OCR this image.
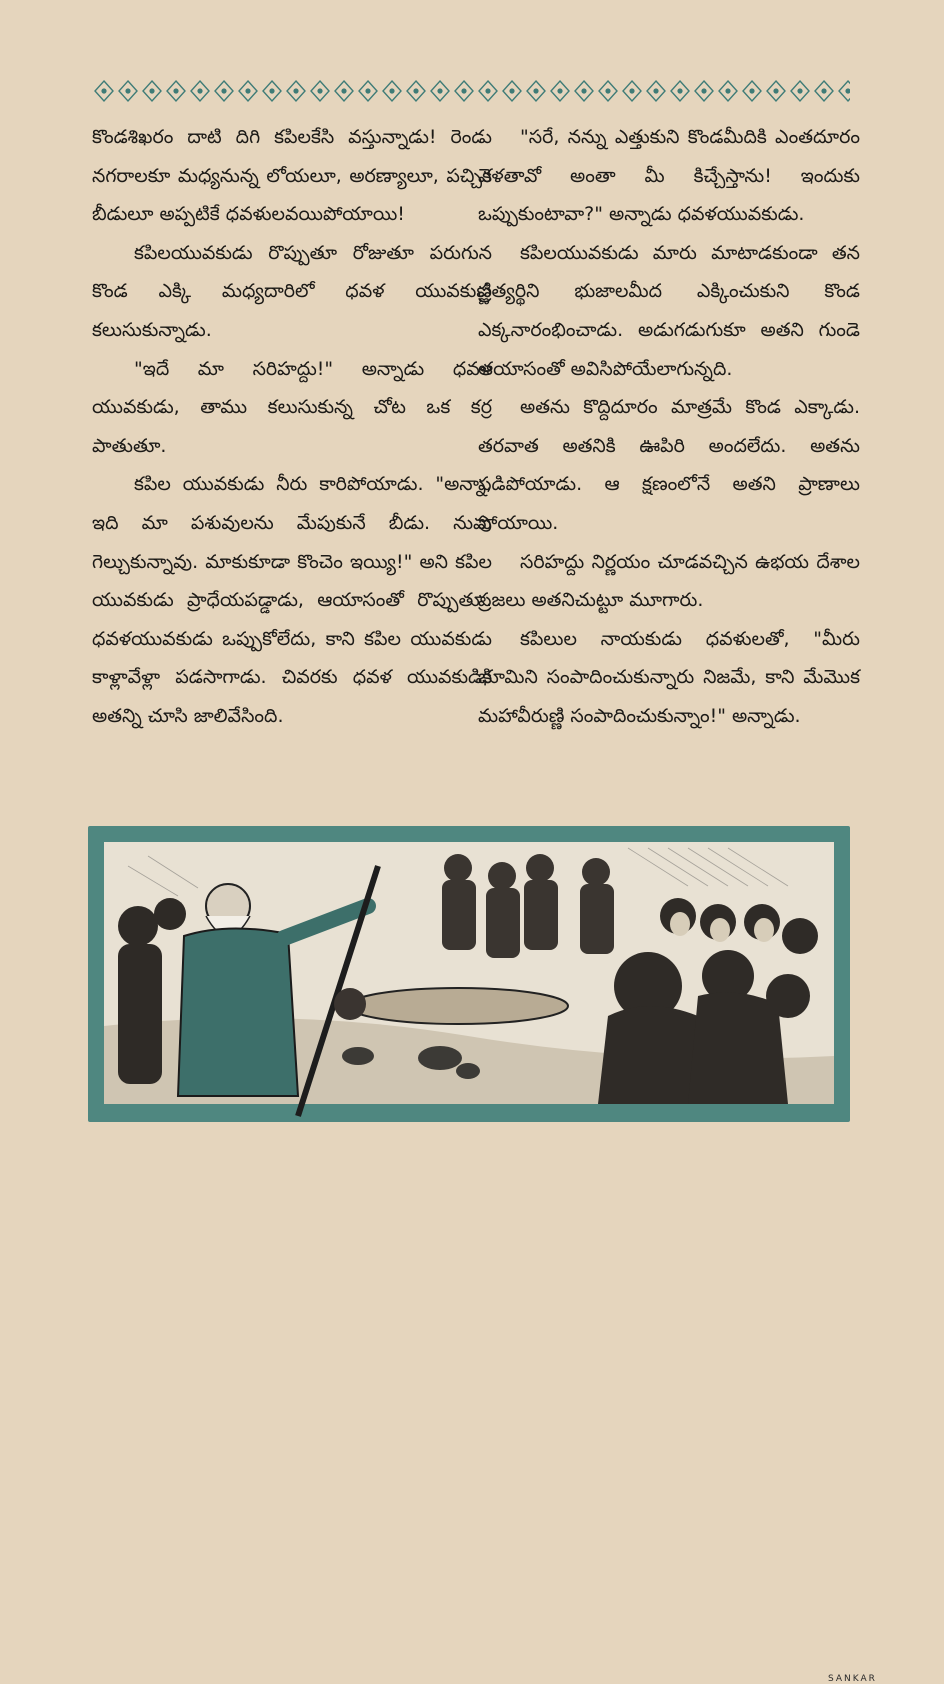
కొండశిఖరం దాటి దిగి కపిలకేసి వస్తున్నాడు! రెండు నగరాలకూ మధ్యనున్న లోయలూ, అరణ్యాలూ, పచ్చిక బీడులూ అప్పటికే ధవళులవయిపోయాయి!

కపిలయువకుడు రొప్పుతూ రోజుతూ పరుగున కొండ ఎక్కి మధ్యదారిలో ధవళ యువకుణ్ణి కలుసుకున్నాడు.

"ఇదే మా సరిహద్దు!" అన్నాడు ధవళ యువకుడు, తాము కలుసుకున్న చోట ఒక కర్ర పాతుతూ.

కపిల యువకుడు నీరు కారిపోయాడు. "అన్నా, ఇది మా పశువులను మేపుకునే బీడు. నువు గెల్చుకున్నావు. మాకుకూడా కొంచెం ఇయ్యి!" అని కపిల యువకుడు ప్రాధేయపడ్డాడు, ఆయాసంతో రొప్పుతూ. ధవళయువకుడు ఒప్పుకోలేదు, కాని కపిల యువకుడు కాళ్లావేళ్లా పడసాగాడు. చివరకు ధవళ యువకుడికి అతన్ని చూసి జాలివేసింది.

"సరే, నన్ను ఎత్తుకుని కొండమీదికి ఎంతదూరం వెళతావో అంతా మీ కిచ్చేస్తాను! ఇందుకు ఒప్పుకుంటావా?" అన్నాడు ధవళయువకుడు.

కపిలయువకుడు మారు మాటాడకుండా తన ప్రత్యర్థిని భుజాలమీద ఎక్కించుకుని కొండ ఎక్కనారంభించాడు. అడుగడుగుకూ అతని గుండె ఆయాసంతో అవిసిపోయేలాగున్నది.

అతను కొద్దిదూరం మాత్రమే కొండ ఎక్కాడు. తరవాత అతనికి ఊపిరి అందలేదు. అతను పడిపోయాడు. ఆ క్షణంలోనే అతని ప్రాణాలు పోయాయి.

సరిహద్దు నిర్ణయం చూడవచ్చిన ఉభయ దేశాల ప్రజలు అతనిచుట్టూ మూగారు.

కపిలుల నాయకుడు ధవళులతో, "మీరు భూమిని సంపాదించుకున్నారు నిజమే, కాని మేమొక మహావీరుణ్ణి సంపాదించుకున్నాం!" అన్నాడు.

SANKAR
